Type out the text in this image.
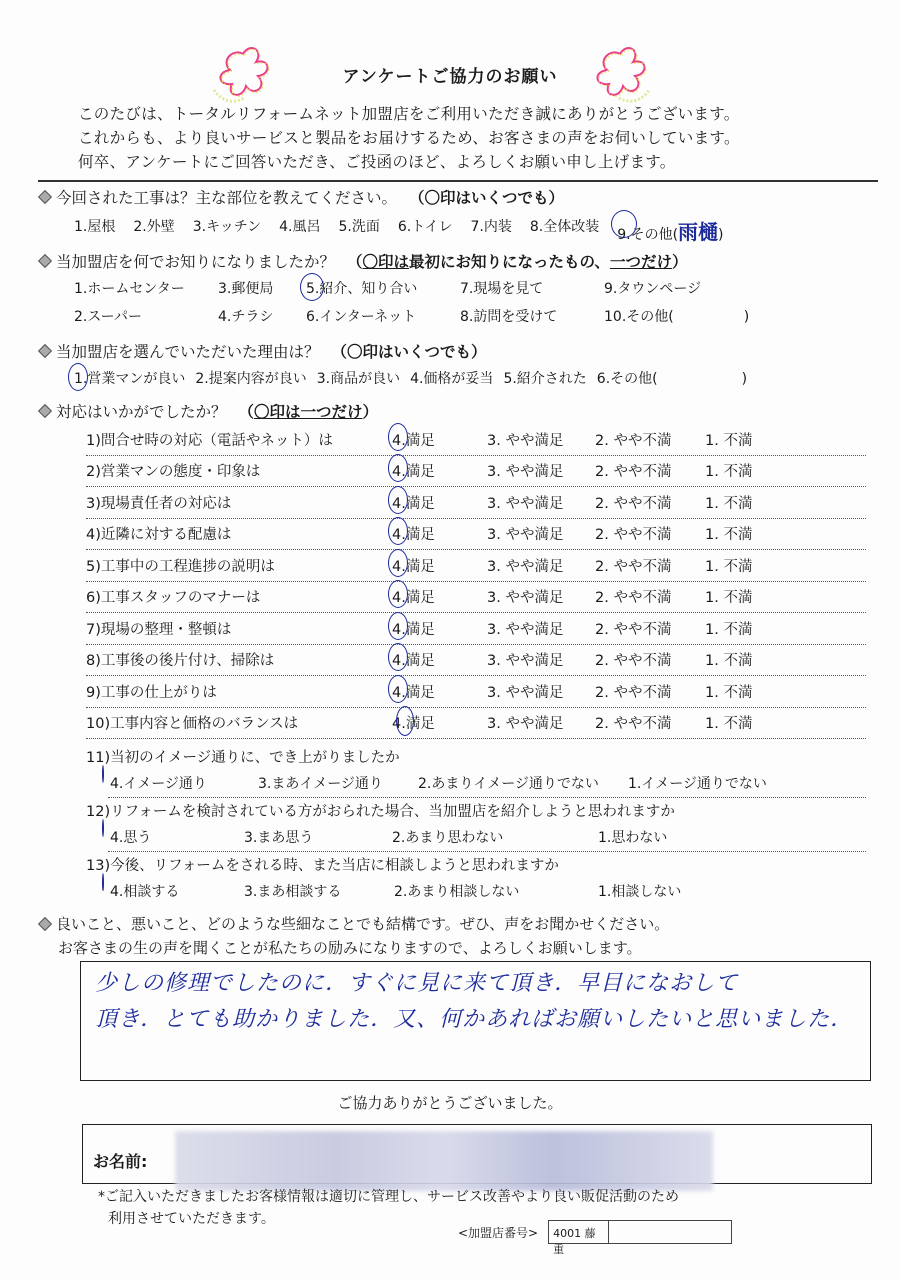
アンケートご協力のお願い
このたびは、トータルリフォームネット加盟店をご利用いただき誠にありがとうございます。
これからも、より良いサービスと製品をお届けするため、お客さまの声をお伺いしています。
何卒、アンケートにご回答いただき、ご投函のほど、よろしくお願い申し上げます。
今回された工事は？主な部位を教えてください。 （〇印はいくつでも）
1.屋根 2.外壁 3.キッチン 4.風呂 5.洗面 6.トイレ 7.内装 8.全体改装 9.その他(雨樋)
当加盟店を何でお知りになりましたか？ （〇印は最初にお知りになったもの、一つだけ）
1.ホームセンター	3.郵便局	5.紹介、知り合い	7.現場を見て	9.タウンページ
2.スーパー	4.チラシ	6.インターネット	8.訪問を受けて	10.その他(　　　　　)
当加盟店を選んでいただいた理由は？ （〇印はいくつでも）
1.営業マンが良い 2.提案内容が良い 3.商品が良い 4.価格が妥当 5.紹介された 6.その他(　　　　　　)
対応はいかがでしたか？ （〇印は一つだけ）
1)問合せ時の対応（電話やネット）は	4.満足	3. やや満足	2. やや不満	1. 不満
2)営業マンの態度・印象は	4.満足	3. やや満足	2. やや不満	1. 不満
3)現場責任者の対応は	4.満足	3. やや満足	2. やや不満	1. 不満
4)近隣に対する配慮は	4.満足	3. やや満足	2. やや不満	1. 不満
5)工事中の工程進捗の説明は	4.満足	3. やや満足	2. やや不満	1. 不満
6)工事スタッフのマナーは	4.満足	3. やや満足	2. やや不満	1. 不満
7)現場の整理・整頓は	4.満足	3. やや満足	2. やや不満	1. 不満
8)工事後の後片付け、掃除は	4.満足	3. やや満足	2. やや不満	1. 不満
9)工事の仕上がりは	4.満足	3. やや満足	2. やや不満	1. 不満
10)工事内容と価格のバランスは	4.満足	3. やや満足	2. やや不満	1. 不満
11)当初のイメージ通りに、でき上がりましたか
4.イメージ通り	3.まあイメージ通り	2.あまりイメージ通りでない	1.イメージ通りでない
12)リフォームを検討されている方がおられた場合、当加盟店を紹介しようと思われますか
4.思う	3.まあ思う	2.あまり思わない	1.思わない
13)今後、リフォームをされる時、また当店に相談しようと思われますか
4.相談する	3.まあ相談する	2.あまり相談しない	1.相談しない
良いこと、悪いこと、どのような些細なことでも結構です。ぜひ、声をお聞かせください。
お客さまの生の声を聞くことが私たちの励みになりますので、よろしくお願いします。
少しの修理でしたのに．すぐに見に来て頂き．早目になおして
頂き．とても助かりました．又、何かあればお願いしたいと思いました．
ご協力ありがとうございました。
お名前:
*ご記入いただきましたお客様情報は適切に管理し、サービス改善やより良い販促活動のため
利用させていただきます。
<加盟店番号>	4001 藤重
